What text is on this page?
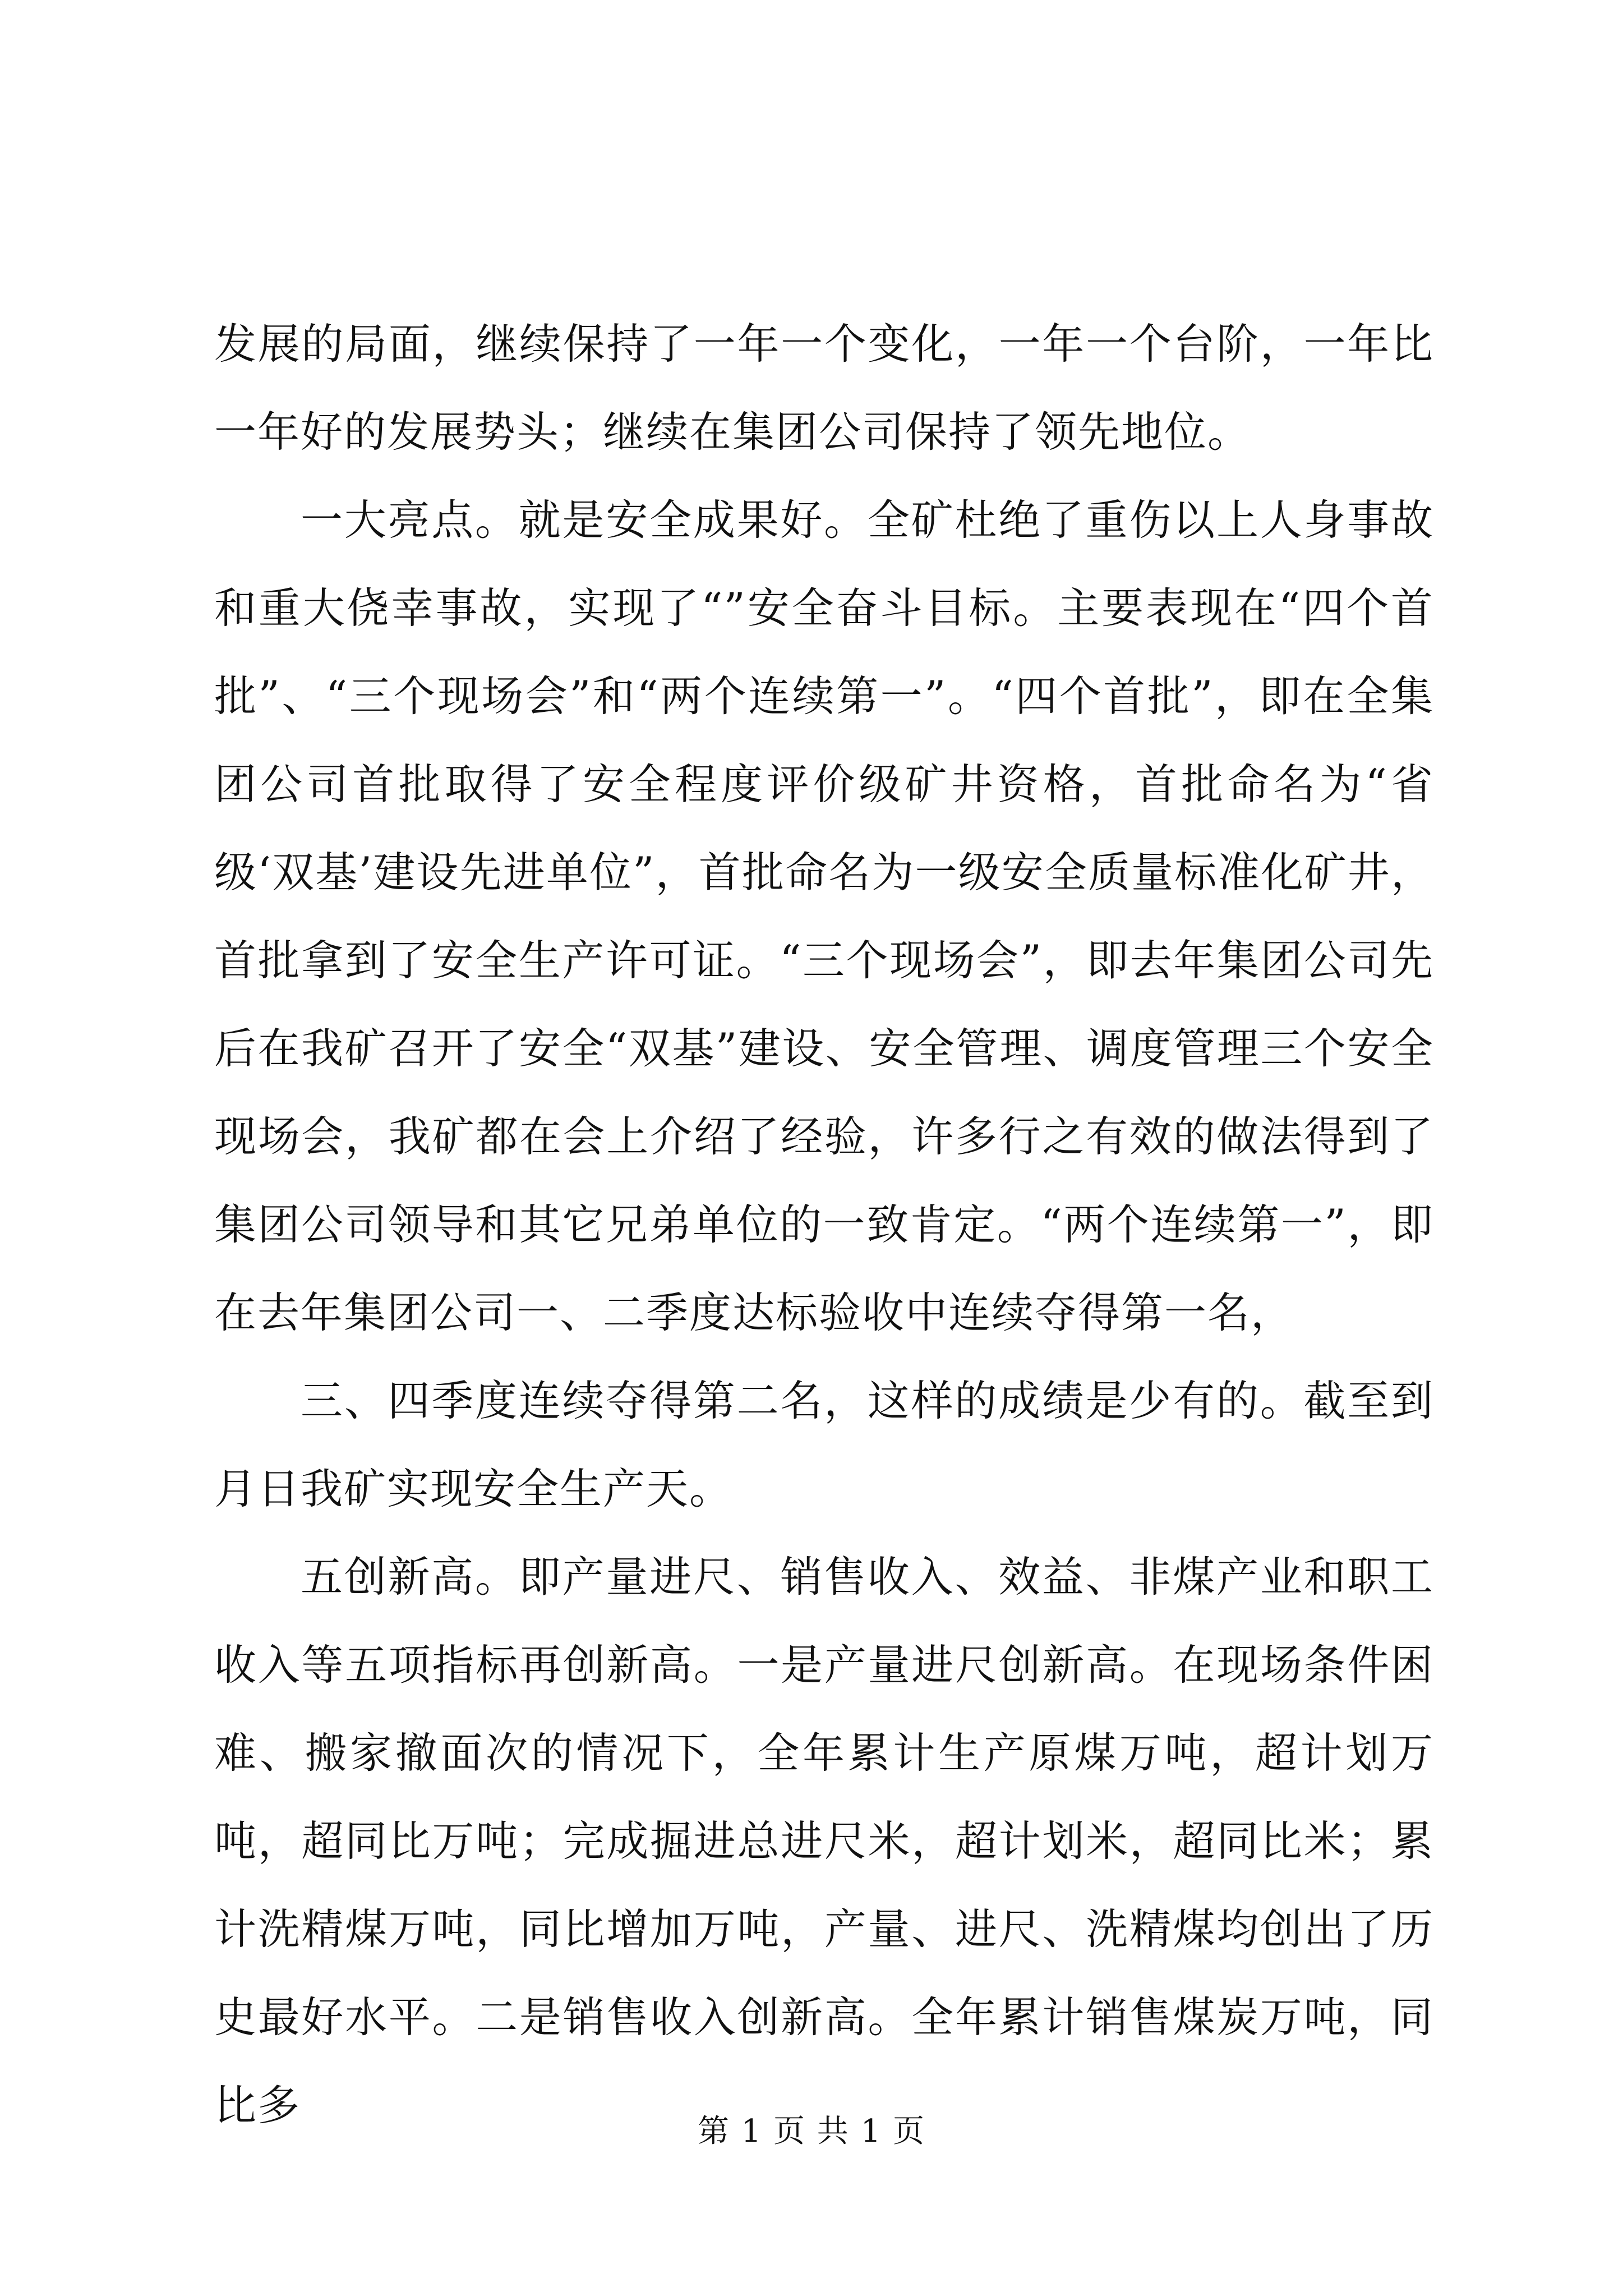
发展的局面，继续保持了一年一个变化，一年一个台阶，一年比一年好的发展势头；继续在集团公司保持了领先地位。

一大亮点。就是安全成果好。全矿杜绝了重伤以上人身事故和重大侥幸事故，实现了“”安全奋斗目标。主要表现在“四个首批”、“三个现场会”和“两个连续第一”。“四个首批”，即在全集团公司首批取得了安全程度评价级矿井资格，首批命名为“省级‘双基’建设先进单位”，首批命名为一级安全质量标准化矿井，首批拿到了安全生产许可证。“三个现场会”，即去年集团公司先后在我矿召开了安全“双基”建设、安全管理、调度管理三个安全现场会，我矿都在会上介绍了经验，许多行之有效的做法得到了集团公司领导和其它兄弟单位的一致肯定。“两个连续第一”，即在去年集团公司一、二季度达标验收中连续夺得第一名，

三、四季度连续夺得第二名，这样的成绩是少有的。截至到月日我矿实现安全生产天。

五创新高。即产量进尺、销售收入、效益、非煤产业和职工收入等五项指标再创新高。一是产量进尺创新高。在现场条件困难、搬家撤面次的情况下，全年累计生产原煤万吨，超计划万吨，超同比万吨；完成掘进总进尺米，超计划米，超同比米；累计洗精煤万吨，同比增加万吨，产量、进尺、洗精煤均创出了历史最好水平。二是销售收入创新高。全年累计销售煤炭万吨，同比多

第 1 页 共 1 页
